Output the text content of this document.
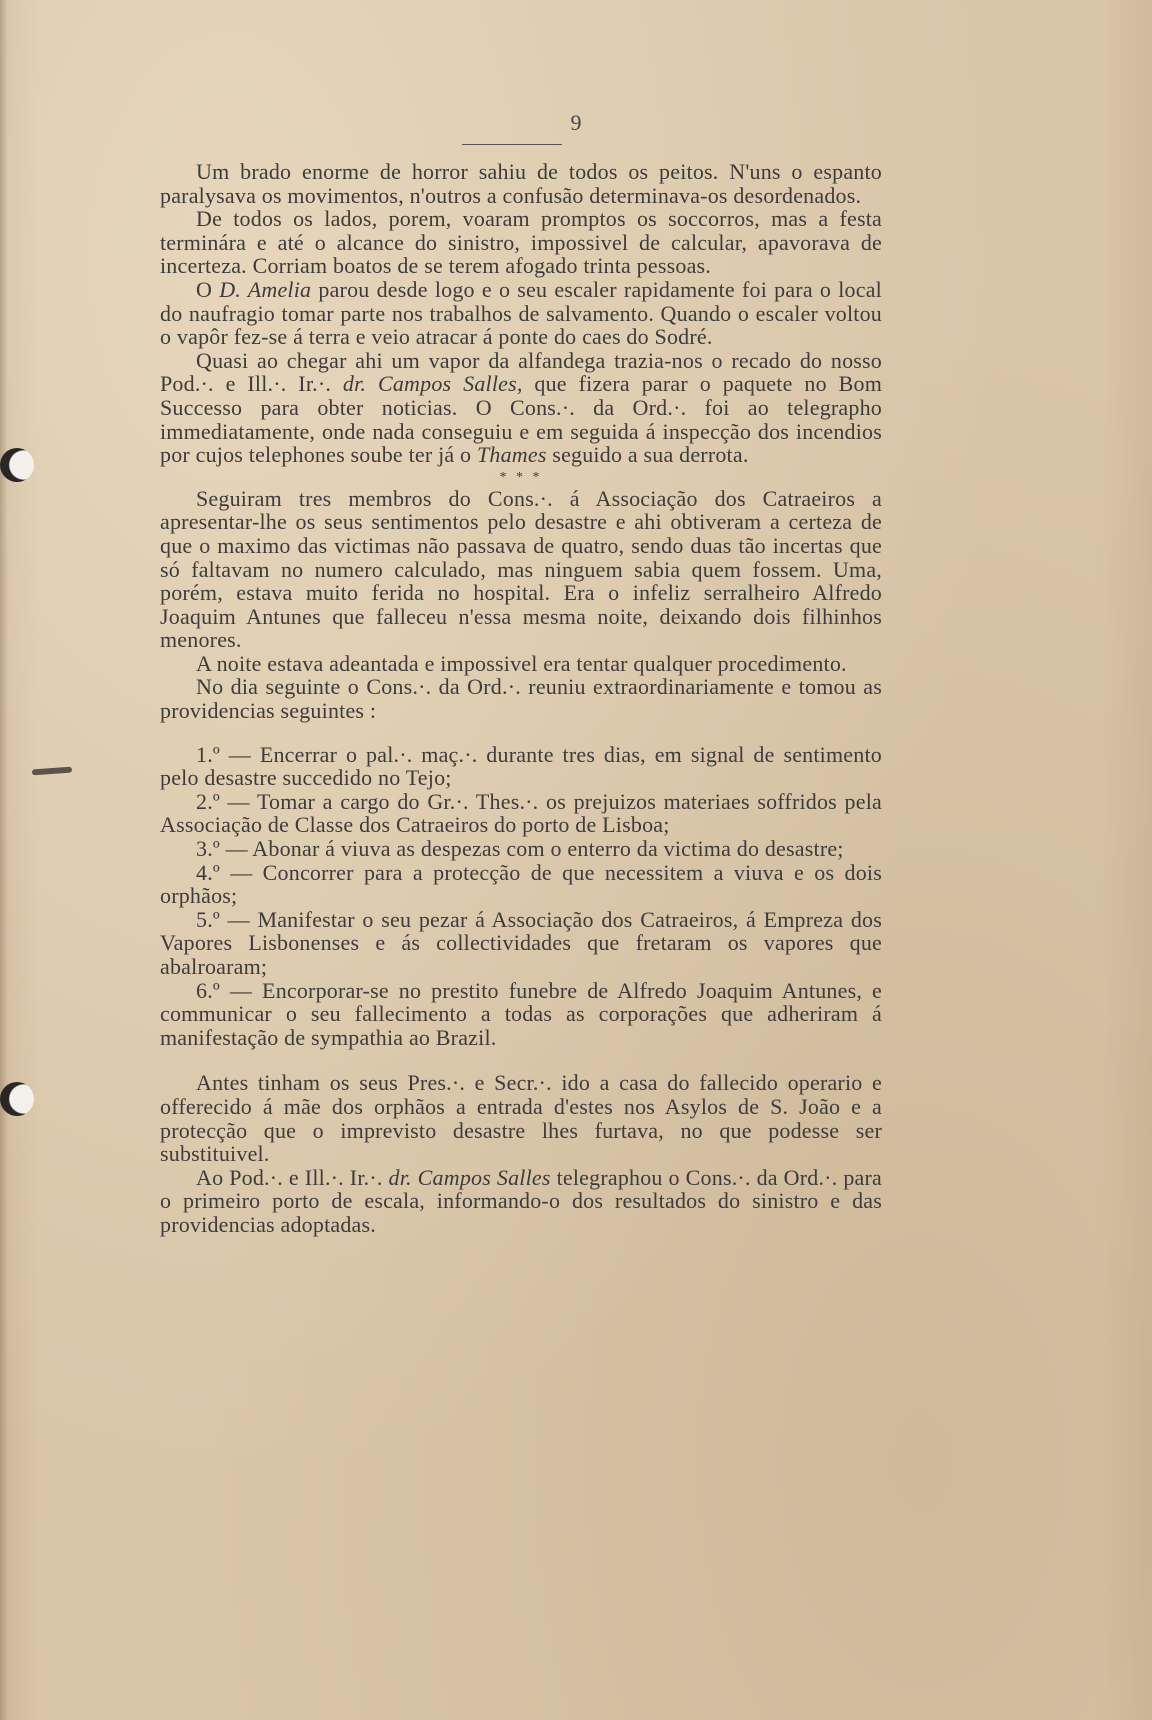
9

Um brado enorme de horror sahiu de todos os peitos. N'uns o espanto paralysava os movimentos, n'outros a confusão determinava-os desordenados.

De todos os lados, porem, voaram promptos os soccorros, mas a festa terminára e até o alcance do sinistro, impossivel de calcular, apavorava de incerteza. Corriam boatos de se terem afogado trinta pessoas.

O D. Amelia parou desde logo e o seu escaler rapidamente foi para o local do naufragio tomar parte nos trabalhos de salvamento. Quando o escaler voltou o vapôr fez-se á terra e veio atracar á ponte do caes do Sodré.

Quasi ao chegar ahi um vapor da alfandega trazia-nos o recado do nosso Pod.·. e Ill.·. Ir.·. dr. Campos Salles, que fizera parar o paquete no Bom Successo para obter noticias. O Cons.·. da Ord.·. foi ao telegrapho immediatamente, onde nada conseguiu e em seguida á inspecção dos incendios por cujos telephones soube ter já o Thames seguido a sua derrota.

* * *

Seguiram tres membros do Cons.·. á Associação dos Catraeiros a apresentar-lhe os seus sentimentos pelo desastre e ahi obtiveram a certeza de que o maximo das victimas não passava de quatro, sendo duas tão incertas que só faltavam no numero calculado, mas ninguem sabia quem fossem. Uma, porém, estava muito ferida no hospital. Era o infeliz serralheiro Alfredo Joaquim Antunes que falleceu n'essa mesma noite, deixando dois filhinhos menores.

A noite estava adeantada e impossivel era tentar qualquer procedimento.

No dia seguinte o Cons.·. da Ord.·. reuniu extraordinariamente e tomou as providencias seguintes :

1.º — Encerrar o pal.·. maç.·. durante tres dias, em signal de sentimento pelo desastre succedido no Tejo;

2.º — Tomar a cargo do Gr.·. Thes.·. os prejuizos materiaes soffridos pela Associação de Classe dos Catraeiros do porto de Lisboa;

3.º — Abonar á viuva as despezas com o enterro da victima do desastre;

4.º — Concorrer para a protecção de que necessitem a viuva e os dois orphãos;

5.º — Manifestar o seu pezar á Associação dos Catraeiros, á Empreza dos Vapores Lisbonenses e ás collectividades que fretaram os vapores que abalroaram;

6.º — Encorporar-se no prestito funebre de Alfredo Joaquim Antunes, e communicar o seu fallecimento a todas as corporações que adheriram á manifestação de sympathia ao Brazil.

Antes tinham os seus Pres.·. e Secr.·. ido a casa do fallecido operario e offerecido á mãe dos orphãos a entrada d'estes nos Asylos de S. João e a protecção que o imprevisto desastre lhes furtava, no que podesse ser substituivel.

Ao Pod.·. e Ill.·. Ir.·. dr. Campos Salles telegraphou o Cons.·. da Ord.·. para o primeiro porto de escala, informando-o dos resultados do sinistro e das providencias adoptadas.
